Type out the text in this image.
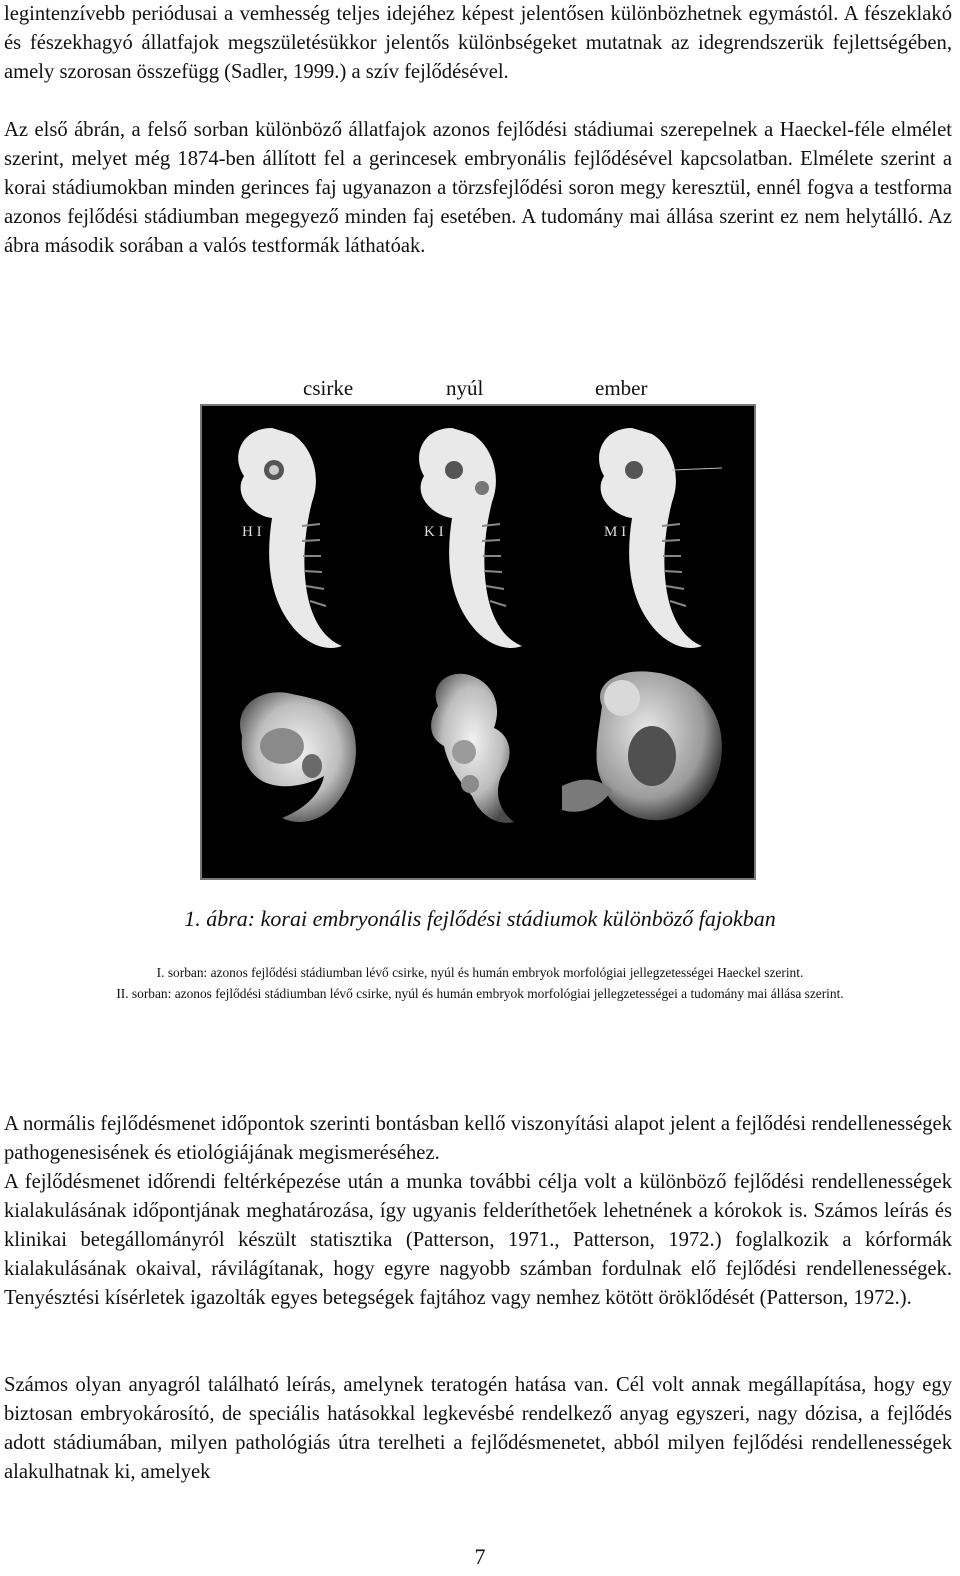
legintenzívebb periódusai a vemhesség teljes idejéhez képest jelentősen különbözhetnek egymástól. A fészeklakó és fészekhagyó állatfajok megszületésükkor jelentős különbségeket mutatnak az idegrendszerük fejlettségében, amely szorosan összefügg (Sadler, 1999.) a szív fejlődésével.

Az első ábrán, a felső sorban különböző állatfajok azonos fejlődési stádiumai szerepelnek a Haeckel-féle elmélet szerint, melyet még 1874-ben állított fel a gerincesek embryonális fejlődésével kapcsolatban. Elmélete szerint a korai stádiumokban minden gerinces faj ugyanazon a törzsfejlődési soron megy keresztül, ennél fogva a testforma azonos fejlődési stádiumban megegyező minden faj esetében. A tudomány mai állása szerint ez nem helytálló. Az ábra második sorában a valós testformák láthatóak.

csirke	nyúl	ember
H I	K I	M I
1. ábra: korai embryonális fejlődési stádiumok különböző fajokban
I. sorban: azonos fejlődési stádiumban lévő csirke, nyúl és humán embryok morfológiai jellegzetességei Haeckel szerint.
II. sorban: azonos fejlődési stádiumban lévő csirke, nyúl és humán embryok morfológiai jellegzetességei a tudomány mai állása szerint.

A normális fejlődésmenet időpontok szerinti bontásban kellő viszonyítási alapot jelent a fejlődési rendellenességek pathogenesisének és etiológiájának megismeréséhez.

A fejlődésmenet időrendi feltérképezése után a munka további célja volt a különböző fejlődési rendellenességek kialakulásának időpontjának meghatározása, így ugyanis felderíthetőek lehetnének a kórokok is. Számos leírás és klinikai betegállományról készült statisztika (Patterson, 1971., Patterson, 1972.) foglalkozik a kórformák kialakulásának okaival, rávilágítanak, hogy egyre nagyobb számban fordulnak elő fejlődési rendellenességek. Tenyésztési kísérletek igazolták egyes betegségek fajtához vagy nemhez kötött öröklődését (Patterson, 1972.).

Számos olyan anyagról található leírás, amelynek teratogén hatása van. Cél volt annak megállapítása, hogy egy biztosan embryokárosító, de speciális hatásokkal legkevésbé rendelkező anyag egyszeri, nagy dózisa, a fejlődés adott stádiumában, milyen pathológiás útra terelheti a fejlődésmenetet, abból milyen fejlődési rendellenességek alakulhatnak ki, amelyek

7
